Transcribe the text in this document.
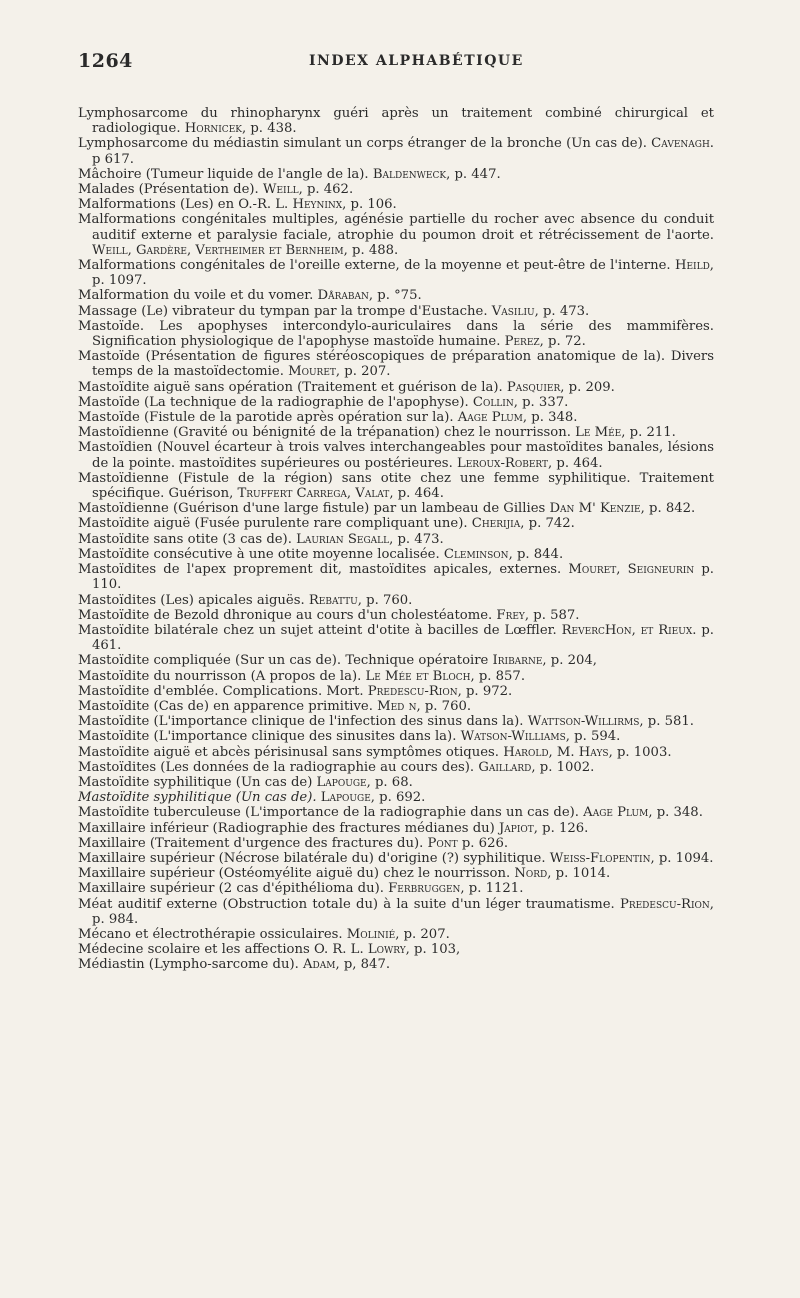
1264	INDEX ALPHABÉTIQUE
Lymphosarcome du rhinopharynx guéri après un traitement combiné chirurgical et radiologique. Hornicek, p. 438.
Lymphosarcome du médiastin simulant un corps étranger de la bronche (Un cas de). Cavenagh. p 617.
Mâchoire (Tumeur liquide de l'angle de la). Baldenweck, p. 447.
Malades (Présentation de). Weill, p. 462.
Malformations (Les) en O.-R. L. Heyninx, p. 106.
Malformations congénitales multiples, agénésie partielle du rocher avec absence du conduit auditif externe et paralysie faciale, atrophie du poumon droit et rétrécissement de l'aorte. Weill, Gardère, Vertheimer et Bernheim, p. 488.
Malformations congénitales de l'oreille externe, de la moyenne et peut-être de l'interne. Heild, p. 1097.
Malformation du voile et du vomer. Dåraban, p. °75.
Massage (Le) vibrateur du tympan par la trompe d'Eustache. Vasiliu, p. 473.
Mastoïde. Les apophyses intercondylo-auriculaires dans la série des mammifères. Signification physiologique de l'apophyse mastoïde humaine. Perez, p. 72.
Mastoïde (Présentation de figures stéréoscopiques de préparation anatomique de la). Divers temps de la mastoïdectomie. Mouret, p. 207.
Mastoïdite aiguë sans opération (Traitement et guérison de la). Pasquier, p. 209.
Mastoïde (La technique de la radiographie de l'apophyse). Collin, p. 337.
Mastoïde (Fistule de la parotide après opération sur la). Aage Plum, p. 348.
Mastoïdienne (Gravité ou bénignité de la trépanation) chez le nourrisson. Le Mée, p. 211.
Mastoïdien (Nouvel écarteur à trois valves interchangeables pour mastoïdites banales, lésions de la pointe. mastoïdites supérieures ou postérieures. Leroux-Robert, p. 464.
Mastoïdienne (Fistule de la région) sans otite chez une femme syphilitique. Traitement spécifique. Guérison, Truffert Carrega, Valat, p. 464.
Mastoïdienne (Guérison d'une large fistule) par un lambeau de Gillies Dan M' Kenzie, p. 842.
Mastoïdite aiguë (Fusée purulente rare compliquant une). Cherijia, p. 742.
Mastoïdite sans otite (3 cas de). Laurian Segall, p. 473.
Mastoïdite consécutive à une otite moyenne localisée. Cleminson, p. 844.
Mastoïdites de l'apex proprement dit, mastoïdites apicales, externes. Mouret, Seigneurin p. 110.
Mastoïdites (Les) apicales aiguës. Rebattu, p. 760.
Mastoïdite de Bezold dhronique au cours d'un cholestéatome. Frey, p. 587.
Mastoïdite bilatérale chez un sujet atteint d'otite à bacilles de Lœffler. RevercHon, et Rieux. p. 461.
Mastoïdite compliquée (Sur un cas de). Technique opératoire Iribarne, p. 204,
Mastoïdite du nourrisson (A propos de la). Le Mée et Bloch, p. 857.
Mastoïdite d'emblée. Complications. Mort. Predescu-Rion, p. 972.
Mastoïdite (Cas de) en apparence primitive. Med n, p. 760.
Mastoïdite (L'importance clinique de l'infection des sinus dans la). Wattson-Willirms, p. 581.
Mastoïdite (L'importance clinique des sinusites dans la). Watson-Williams, p. 594.
Mastoïdite aiguë et abcès périsinusal sans symptômes otiques. Harold, M. Hays, p. 1003.
Mastoïdites (Les données de la radiographie au cours des). Gaillard, p. 1002.
Mastoïdite syphilitique (Un cas de) Lapouge, p. 68.
Mastoïdite syphilitique (Un cas de). Lapouge, p. 692.
Mastoïdite tuberculeuse (L'importance de la radiographie dans un cas de). Aage Plum, p. 348.
Maxillaire inférieur (Radiographie des fractures médianes du) Japiot, p. 126.
Maxillaire (Traitement d'urgence des fractures du). Pont p. 626.
Maxillaire supérieur (Nécrose bilatérale du) d'origine (?) syphilitique. Weiss-Flopentin, p. 1094.
Maxillaire supérieur (Ostéomyélite aiguë du) chez le nourrisson. Nord, p. 1014.
Maxillaire supérieur (2 cas d'épithélioma du). Ferbruggen, p. 1121.
Méat auditif externe (Obstruction totale du) à la suite d'un léger traumatisme. Predescu-Rion, p. 984.
Mécano et électrothérapie ossiculaires. Molinié, p. 207.
Médecine scolaire et les affections O. R. L. Lowry, p. 103,
Médiastin (Lympho-sarcome du). Adam, p, 847.
